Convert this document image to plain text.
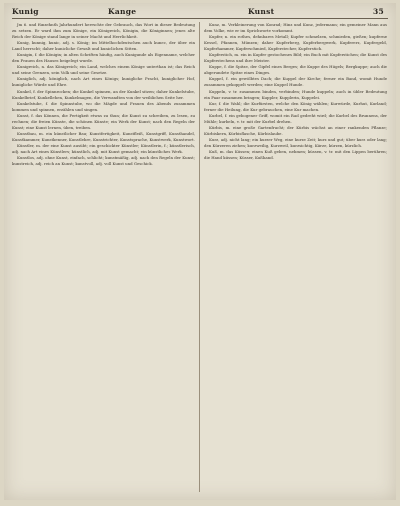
Kunig	Kange	Kunst	35

Jm 6. und fünzehnth Jahrhundert herrschte der Gebrauch, das Wort in dieser Bedeutung zu setzen. Er ward ihm zum Könige, ein Königreich, Königin, die Königinnen; jenes alte Reich der Könige stand lange in seiner Macht und Herrlichkeit.

Kunig, kunnig, kunic, adj. s. König; im Mittelhochdeutschen auch kunec, der über ein Land herrscht; daher kunicliche Gewalt und kuniclichen Sitten.

Kunigin, f. die Königin; in alten Schriften häufig, auch Kunigunde als Eigenname, welcher den Frauen des Hauses beigelegt wurde.

Kunigreich, n. das Königreich; ein Land, welches einem Könige unterthan ist; das Reich und seine Grenzen, sein Volk und seine Gesetze.

Kuniglich, adj. königlich, nach Art eines Königs; kunigliche Pracht, kuniglicher Hof, kunigliche Würde und Ehre.

Kunkel, f. der Spinnrocken; die Kunkel spinnen, an der Kunkel sitzen; daher Kunkelstube, Kunkelbrief, Kunkellehen, Kunkelmagen, die Verwandten von der weiblichen Seite her.

Kunkelstube, f. die Spinnstube, wo die Mägde und Frauen des Abends zusammen kommen und spinnen, erzählen und singen.

Kunst, f. das Können, die Fertigkeit etwas zu thun; die Kunst zu schreiben, zu lesen, zu rechnen; die freien Künste, die schönen Künste; ein Werk der Kunst; nach den Regeln der Kunst; eine Kunst lernen, üben, treiben.

Kunstbau, m. ein künstlicher Bau; Kunstfertigkeit, Kunstfleiß, Kunstgriff, Kunsthandel, Kunstkammer, Kunstkenner, Kunstlehre, Kunstrichter, Kunstsprache, Kunstwerk, Kunstwort.

Künstler, m. der eine Kunst ausübt; ein geschickter Künstler; Künstlerin, f.; künstlerisch, adj. nach Art eines Künstlers; künstlich, adj. mit Kunst gemacht; ein künstliches Werk.

Kunstlos, adj. ohne Kunst, einfach, schlicht; kunstmäßig, adj. nach den Regeln der Kunst; kunstreich, adj. reich an Kunst; kunstvoll, adj. voll Kunst und Geschick.

Kunz, m. Verkleinerung von Konrad; Hinz und Kunz, jedermann; ein gemeiner Mann aus dem Volke, wie er im Sprichworte vorkommt.

Kupfer, n. ein rothes, dehnbares Metall; Kupfer schmelzen, schmieden, gießen; kupferne Kessel, Pfannen, Münzen; daher Kupferberg, Kupferbergwerk, Kupfererz, Kupfergeld, Kupferhammer, Kupferschmied, Kupferstecher, Kupferstich.

Kupferstich, m. ein in Kupfer gestochenes Bild; ein Buch mit Kupferstichen; die Kunst des Kupferstechens und ihre Meister.

Kuppe, f. die Spitze, der Gipfel eines Berges; die Kuppe des Hügels; Bergkuppe; auch die abgerundete Spitze eines Dinges.

Kuppel, f. ein gewölbtes Dach; die Kuppel der Kirche; ferner ein Band, womit Hunde zusammen gekoppelt werden; eine Kuppel Hunde.

Kuppeln, v. tr. zusammen binden, verbinden; Hunde kuppeln; auch in übler Bedeutung ein Paar zusammen bringen; Kuppler, Kupplerin, Kuppelei.

Kur, f. die Wahl; die Kurfürsten, welche den König wählen; Kurwürde, Kurhut, Kurland; ferner die Heilung, die Kur gebrauchen, eine Kur machen.

Kurbel, f. ein gebogener Griff, womit ein Rad gedreht wird; die Kurbel des Brunnens, der Mühle; kurbeln, v. tr. mit der Kurbel drehen.

Kürbis, m. eine große Gartenfrucht; der Kürbis wächst an einer rankenden Pflanze; Kürbiskern, Kürbisflasche, Kürbislaube.

Kurz, adj. nicht lang; ein kurzer Weg, eine kurze Zeit; kurz und gut; über kurz oder lang; den Kürzeren ziehen; kurzweilig, Kurzweil, kurzsichtig, Kürze, kürzen, kürzlich.

Kuß, m. das Küssen; einen Kuß geben, nehmen; küssen, v. tr. mit den Lippen berühren; die Hand küssen; Küsser, Kußhand.
